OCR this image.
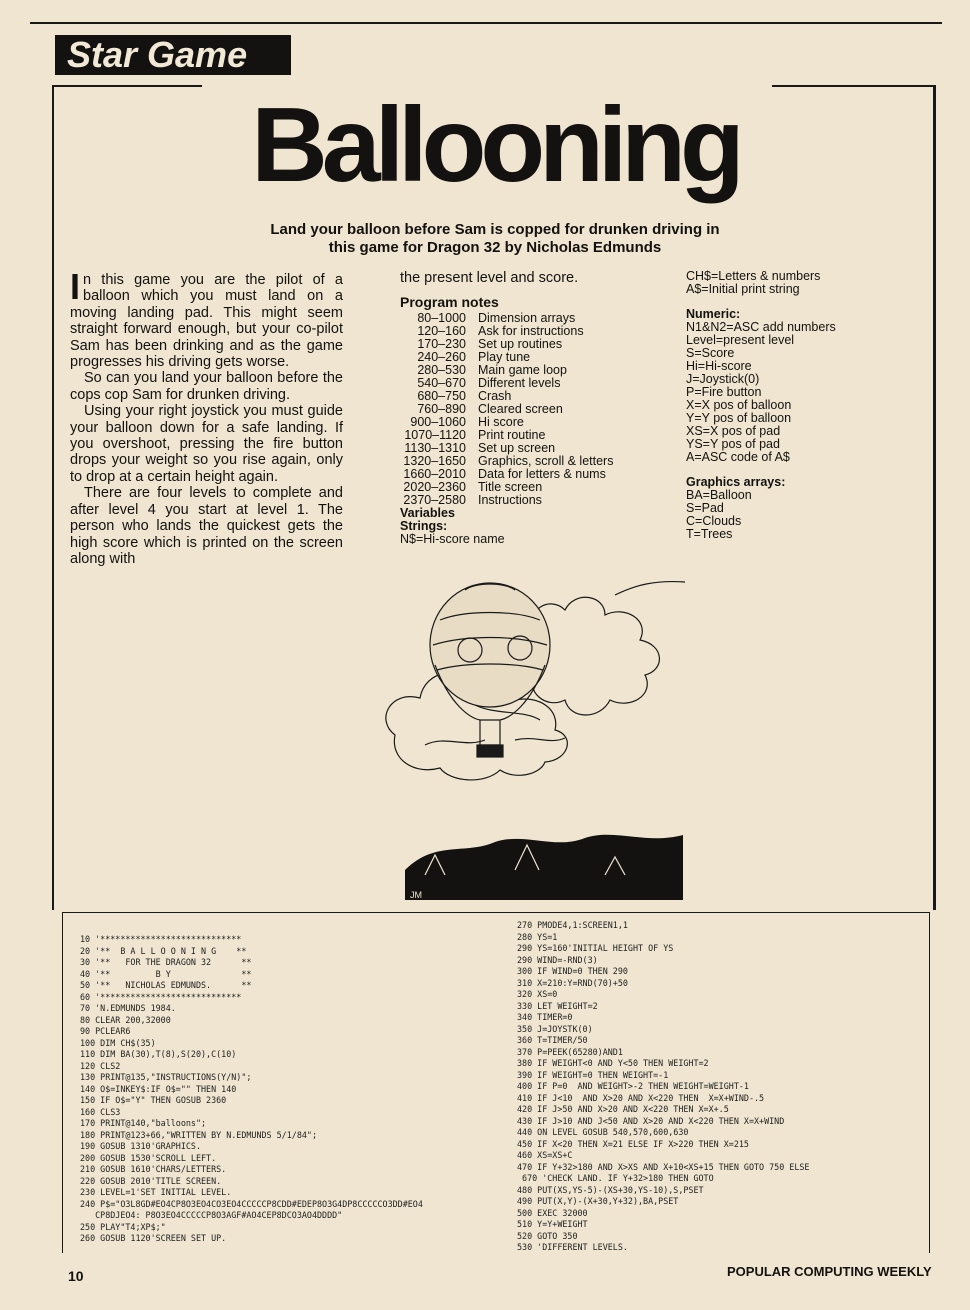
Star Game
Ballooning
Land your balloon before Sam is copped for drunken driving in this game for Dragon 32 by Nicholas Edmunds

In this game you are the pilot of a balloon which you must land on a moving landing pad. This might seem straight forward enough, but your co-pilot Sam has been drinking and as the game progresses his driving gets worse.

So can you land your balloon before the cops cop Sam for drunken driving.

Using your right joystick you must guide your balloon down for a safe landing. If you overshoot, pressing the fire button drops your weight so you rise again, only to drop at a certain height again.

There are four levels to complete and after level 4 you start at level 1. The person who lands the quickest gets the high score which is printed on the screen along with

the present level and score.

Program notes
80–1000 Dimension arrays
120–160 Ask for instructions
170–230 Set up routines
240–260 Play tune
280–530 Main game loop
540–670 Different levels
680–750 Crash
760–890 Cleared screen
900–1060 Hi score
1070–1120 Print routine
1130–1310 Set up screen
1320–1650 Graphics, scroll & letters
1660–2010 Data for letters & nums
2020–2360 Title screen
2370–2580 Instructions
Variables
Strings:
N$=Hi-score name
CH$=Letters & numbers
A$=Initial print string
Numeric:
N1&N2=ASC add numbers
Level=present level
S=Score
Hi=Hi-score
J=Joystick(0)
P=Fire button
X=X pos of balloon
Y=Y pos of balloon
XS=X pos of pad
YS=Y pos of pad
A=ASC code of A$
Graphics arrays:
BA=Balloon
S=Pad
C=Clouds
T=Trees
JM
10 '****************************
20 '**  B A L L O O N I N G    **
30 '**   FOR THE DRAGON 32      **
40 '**         B Y              **
50 '**   NICHOLAS EDMUNDS.      **
60 '****************************
70 'N.EDMUNDS 1984.
80 CLEAR 200,32000
90 PCLEAR6
100 DIM CH$(35)
110 DIM BA(30),T(8),S(20),C(10)
120 CLS2
130 PRINT@135,"INSTRUCTIONS(Y/N)";
140 O$=INKEY$:IF O$="" THEN 140
150 IF O$="Y" THEN GOSUB 2360
160 CLS3
170 PRINT@140,"balloons";
180 PRINT@123+66,"WRITTEN BY N.EDMUNDS 5/1/84";
190 GOSUB 1310'GRAPHICS.
200 GOSUB 1530'SCROLL LEFT.
210 GOSUB 1610'CHARS/LETTERS.
220 GOSUB 2010'TITLE SCREEN.
230 LEVEL=1'SET INITIAL LEVEL.
240 P$="O3L8GD#EO4CP8O3EO4CO3EO4CCCCCP8CDD#EDEP8O3G4DP8CCCCCO3DD#EO4
CP8DJEO4: P8O3EO4CCCCCP8O3AGF#AO4CEP8DCO3AO4DDDD"
250 PLAY"T4;XP$;"
260 GOSUB 1120'SCREEN SET UP.
270 PMODE4,1:SCREEN1,1
280 YS=1
290 YS=160'INITIAL HEIGHT OF YS
290 WIND=-RND(3)
300 IF WIND=0 THEN 290
310 X=210:Y=RND(70)+50
320 XS=0
330 LET WEIGHT=2
340 TIMER=0
350 J=JOYSTK(0)
360 T=TIMER/50
370 P=PEEK(65280)AND1
380 IF WEIGHT<0 AND Y<50 THEN WEIGHT=2
390 IF WEIGHT=0 THEN WEIGHT=-1
400 IF P=0  AND WEIGHT>-2 THEN WEIGHT=WEIGHT-1
410 IF J<10  AND X>20 AND X<220 THEN  X=X+WIND-.5
420 IF J>50 AND X>20 AND X<220 THEN X=X+.5
430 IF J>10 AND J<50 AND X>20 AND X<220 THEN X=X+WIND
440 ON LEVEL GOSUB 540,570,600,630
450 IF X<20 THEN X=21 ELSE IF X>220 THEN X=215
460 XS=XS+C
470 IF Y+32>180 AND X>XS AND X+10<XS+15 THEN GOTO 750 ELSE
670 'CHECK LAND. IF Y+32>180 THEN GOTO
480 PUT(XS,YS-5)-(XS+30,YS-10),S,PSET
490 PUT(X,Y)-(X+30,Y+32),BA,PSET
500 EXEC 32000
510 Y=Y+WEIGHT
520 GOTO 350
530 'DIFFERENT LEVELS.
10	POPULAR COMPUTING WEEKLY
